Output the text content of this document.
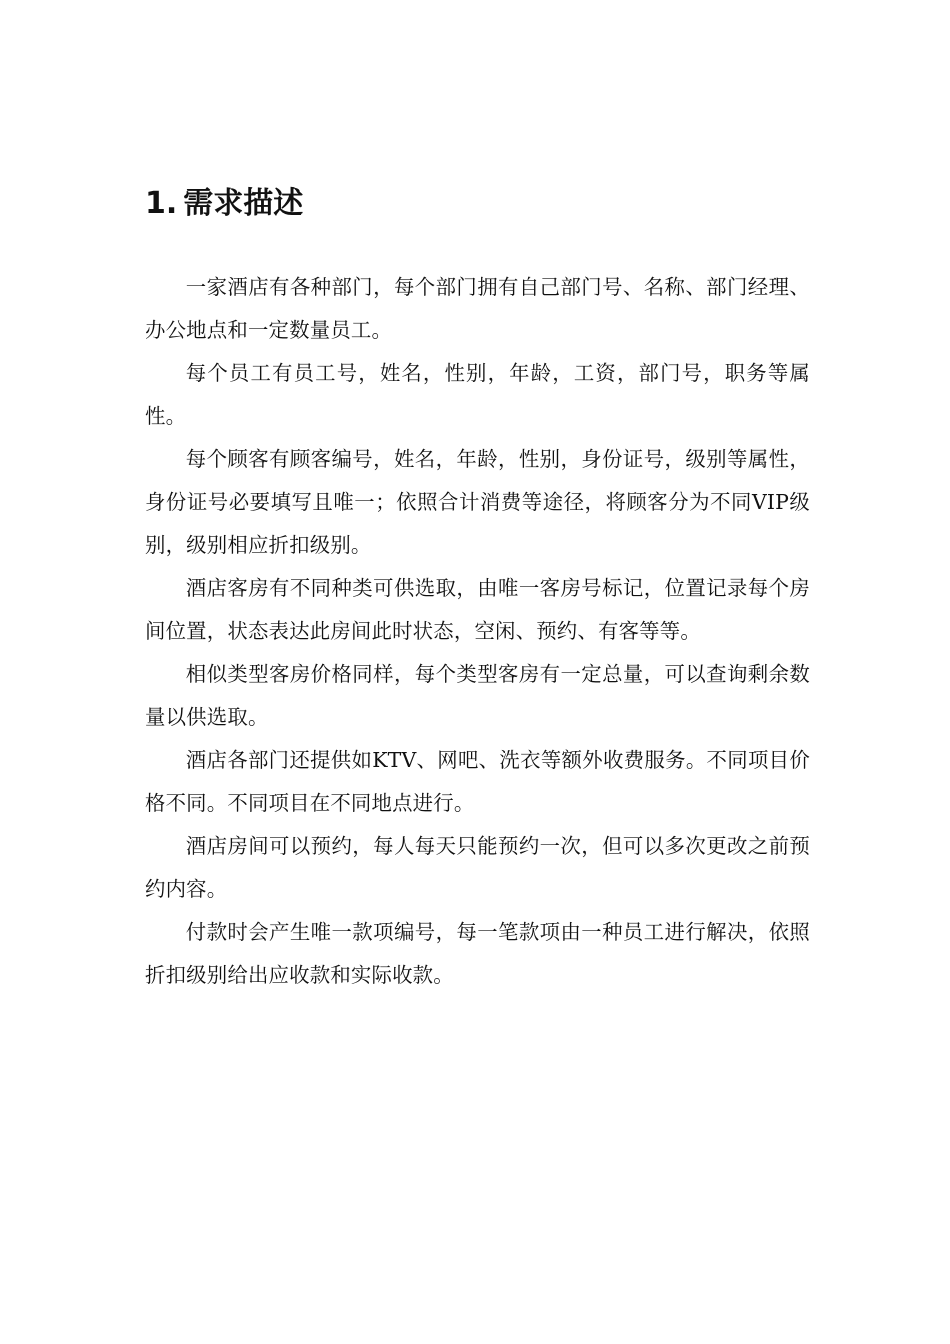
1. 需求描述

一家酒店有各种部门，每个部门拥有自己部门号、名称、部门经理、办公地点和一定数量员工。

每个员工有员工号，姓名，性别，年龄，工资，部门号，职务等属性。

每个顾客有顾客编号，姓名，年龄，性别，身份证号，级别等属性，身份证号必要填写且唯一；依照合计消费等途径，将顾客分为不同VIP级别，级别相应折扣级别。

酒店客房有不同种类可供选取，由唯一客房号标记，位置记录每个房间位置，状态表达此房间此时状态，空闲、预约、有客等等。

相似类型客房价格同样，每个类型客房有一定总量，可以查询剩余数量以供选取。

酒店各部门还提供如KTV、网吧、洗衣等额外收费服务。不同项目价格不同。不同项目在不同地点进行。

酒店房间可以预约，每人每天只能预约一次，但可以多次更改之前预约内容。

付款时会产生唯一款项编号，每一笔款项由一种员工进行解决，依照折扣级别给出应收款和实际收款。
